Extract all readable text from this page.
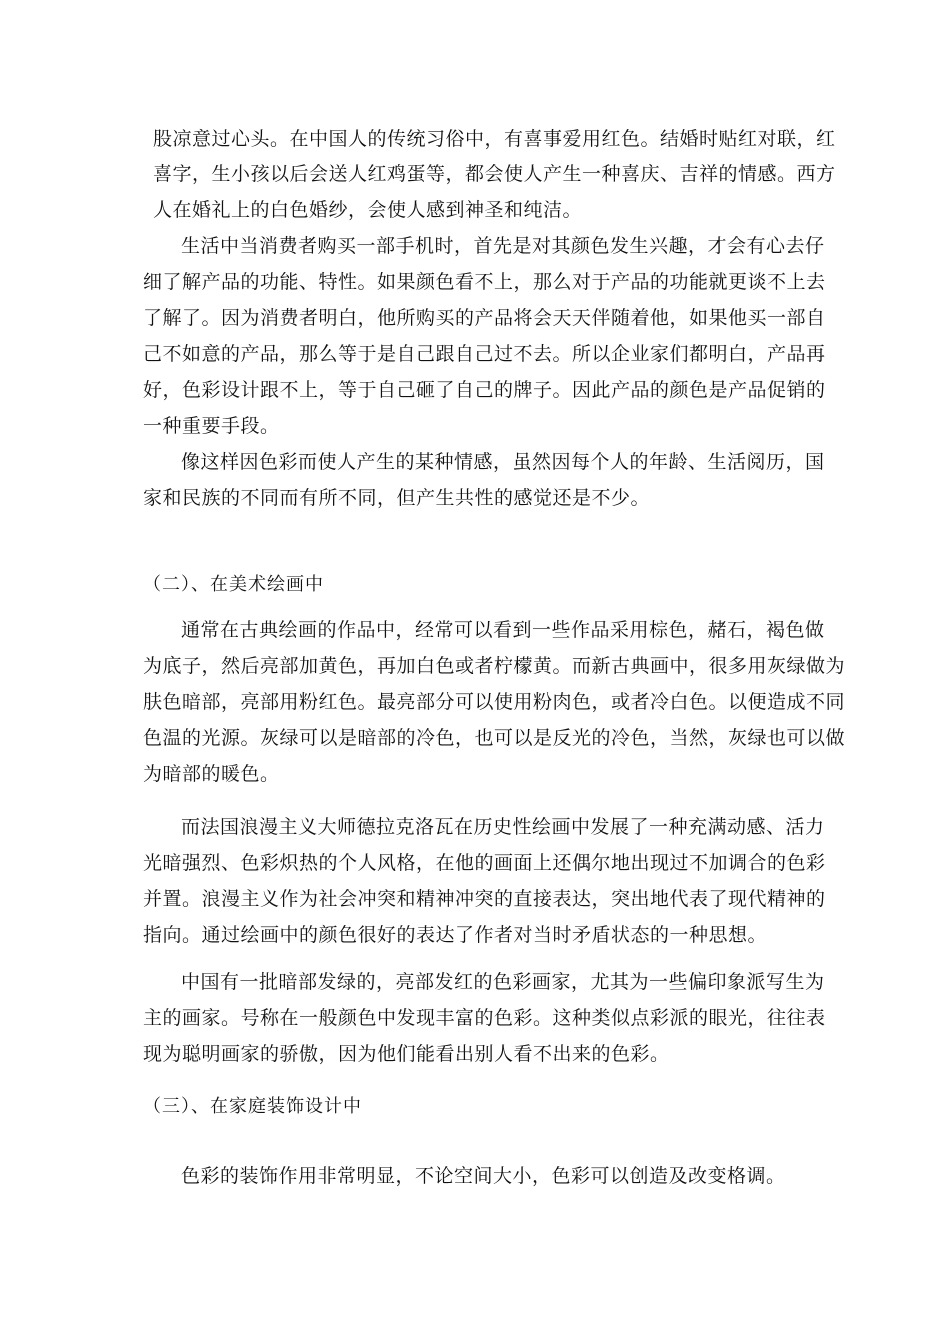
股凉意过心头。在中国人的传统习俗中，有喜事爱用红色。结婚时贴红对联，红
喜字，生小孩以后会送人红鸡蛋等，都会使人产生一种喜庆、吉祥的情感。西方
人在婚礼上的白色婚纱，会使人感到神圣和纯洁。
生活中当消费者购买一部手机时，首先是对其颜色发生兴趣，才会有心去仔
细了解产品的功能、特性。如果颜色看不上，那么对于产品的功能就更谈不上去
了解了。因为消费者明白，他所购买的产品将会天天伴随着他，如果他买一部自
己不如意的产品，那么等于是自己跟自己过不去。所以企业家们都明白，产品再
好，色彩设计跟不上，等于自己砸了自己的牌子。因此产品的颜色是产品促销的
一种重要手段。
像这样因色彩而使人产生的某种情感，虽然因每个人的年龄、生活阅历，国
家和民族的不同而有所不同，但产生共性的感觉还是不少。
（二）、在美术绘画中
通常在古典绘画的作品中，经常可以看到一些作品采用棕色，赭石，褐色做
为底子，然后亮部加黄色，再加白色或者柠檬黄。而新古典画中，很多用灰绿做为
肤色暗部，亮部用粉红色。最亮部分可以使用粉肉色，或者冷白色。以便造成不同
色温的光源。灰绿可以是暗部的冷色，也可以是反光的冷色，当然，灰绿也可以做
为暗部的暖色。
而法国浪漫主义大师德拉克洛瓦在历史性绘画中发展了一种充满动感、活力
光暗强烈、色彩炽热的个人风格，在他的画面上还偶尔地出现过不加调合的色彩
并置。浪漫主义作为社会冲突和精神冲突的直接表达，突出地代表了现代精神的
指向。通过绘画中的颜色很好的表达了作者对当时矛盾状态的一种思想。
中国有一批暗部发绿的，亮部发红的色彩画家，尤其为一些偏印象派写生为
主的画家。号称在一般颜色中发现丰富的色彩。这种类似点彩派的眼光，往往表
现为聪明画家的骄傲，因为他们能看出别人看不出来的色彩。
（三）、在家庭装饰设计中
色彩的装饰作用非常明显，不论空间大小，色彩可以创造及改变格调。
